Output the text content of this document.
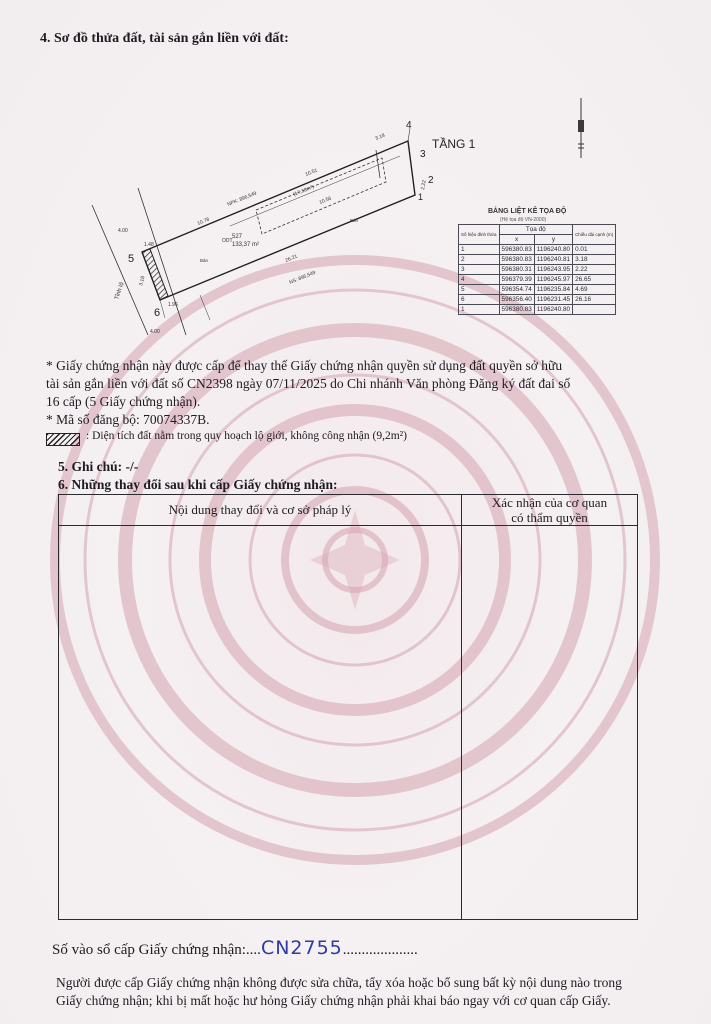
4. Sơ đồ thửa đất, tài sản gắn liền với đất:
4
3
2
1
5
6
TẦNG 1
10.78
10.51
3.18
2.22
10.56
26.21
(17,13m²)
4.00
4.00
1.48
3.18
1.96
ODT
527
133,37 m²
NPK: 896,549
NS: 896,549
Tỉnh lộ
Bán
Bán
BẢNG LIỆT KÊ TỌA ĐỘ
(Hệ tọa độ VN-2000)
Số hiệu đỉnh thửa	Tọa độ		Chiều dài cạnh (m)
	x	y	
1	596380.83	1196240.80	0.01
2	596380.83	1196240.81	3.18
3	596380.31	1196243.95	2.22
4	596379.39	1196245.97	26.65
5	596354.74	1196235.84	4.69
6	596356.40	1196231.45	26.16
1	596380.83	1196240.80	
* Giấy chứng nhận này được cấp để thay thế Giấy chứng nhận quyền sử dụng đất quyền sở hữu
tài sản gắn liền với đất số CN2398 ngày 07/11/2025 do Chi nhánh Văn phòng Đăng ký đất đai số
16 cấp (5 Giấy chứng nhận).
* Mã số đăng bộ: 70074337B.
: Diện tích đất nằm trong quy hoạch lộ giới, không công nhận (9,2m²)
5. Ghi chú: -/-
6. Những thay đổi sau khi cấp Giấy chứng nhận:
Nội dung thay đổi và cơ sở pháp lý	Xác nhận của cơ quan
có thẩm quyền

Số vào sổ cấp Giấy chứng nhận:....CN2755....................
Người được cấp Giấy chứng nhận không được sửa chữa, tẩy xóa hoặc bổ sung bất kỳ nội dung nào trong
Giấy chứng nhận; khi bị mất hoặc hư hỏng Giấy chứng nhận phải khai báo ngay với cơ quan cấp Giấy.
